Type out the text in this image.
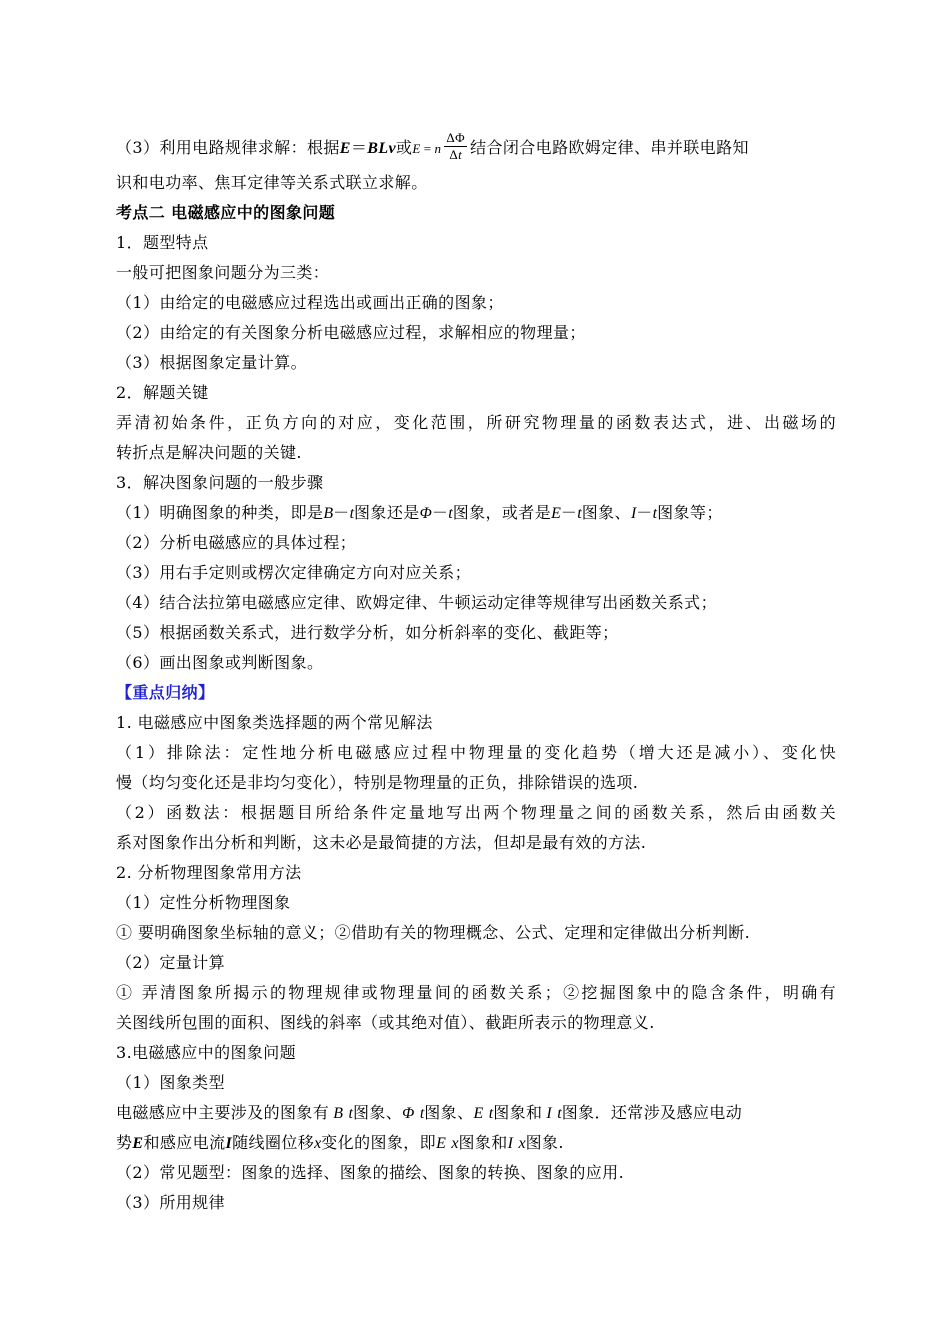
（3）利用电路规律求解：根据E＝BLv或E = n $\frac{\Delta\Phi}{\Delta t}$ 结合闭合电路欧姆定律、串并联电路知
识和电功率、焦耳定律等关系式联立求解。
考点二 电磁感应中的图象问题
1．题型特点
一般可把图象问题分为三类：
（1）由给定的电磁感应过程选出或画出正确的图象；
（2）由给定的有关图象分析电磁感应过程，求解相应的物理量；
（3）根据图象定量计算。
2．解题关键
弄清初始条件，正负方向的对应，变化范围，所研究物理量的函数表达式，进、出磁场的
转折点是解决问题的关键.
3．解决图象问题的一般步骤
（1）明确图象的种类，即是B－t图象还是Φ－t图象，或者是E－t图象、I－t图象等；
（2）分析电磁感应的具体过程；
（3）用右手定则或楞次定律确定方向对应关系；
（4）结合法拉第电磁感应定律、欧姆定律、牛顿运动定律等规律写出函数关系式；
（5）根据函数关系式，进行数学分析，如分析斜率的变化、截距等；
（6）画出图象或判断图象。
【重点归纳】
1. 电磁感应中图象类选择题的两个常见解法
（1）排除法：定性地分析电磁感应过程中物理量的变化趋势（增大还是减小）、变化快
慢（均匀变化还是非均匀变化），特别是物理量的正负，排除错误的选项.
（2）函数法：根据题目所给条件定量地写出两个物理量之间的函数关系，然后由函数关
系对图象作出分析和判断，这未必是最简捷的方法，但却是最有效的方法.
2. 分析物理图象常用方法
（1）定性分析物理图象
① 要明确图象坐标轴的意义；②借助有关的物理概念、公式、定理和定律做出分析判断.
（2）定量计算
① 弄清图象所揭示的物理规律或物理量间的函数关系；②挖掘图象中的隐含条件，明确有
关图线所包围的面积、图线的斜率（或其绝对值）、截距所表示的物理意义.
3.电磁感应中的图象问题
（1）图象类型
电磁感应中主要涉及的图象有 B t图象、Φ t图象、E t图象和 I t图象．还常涉及感应电动
势E和感应电流I随线圈位移x变化的图象，即E x图象和I x图象.
（2）常见题型：图象的选择、图象的描绘、图象的转换、图象的应用.
（3）所用规律
